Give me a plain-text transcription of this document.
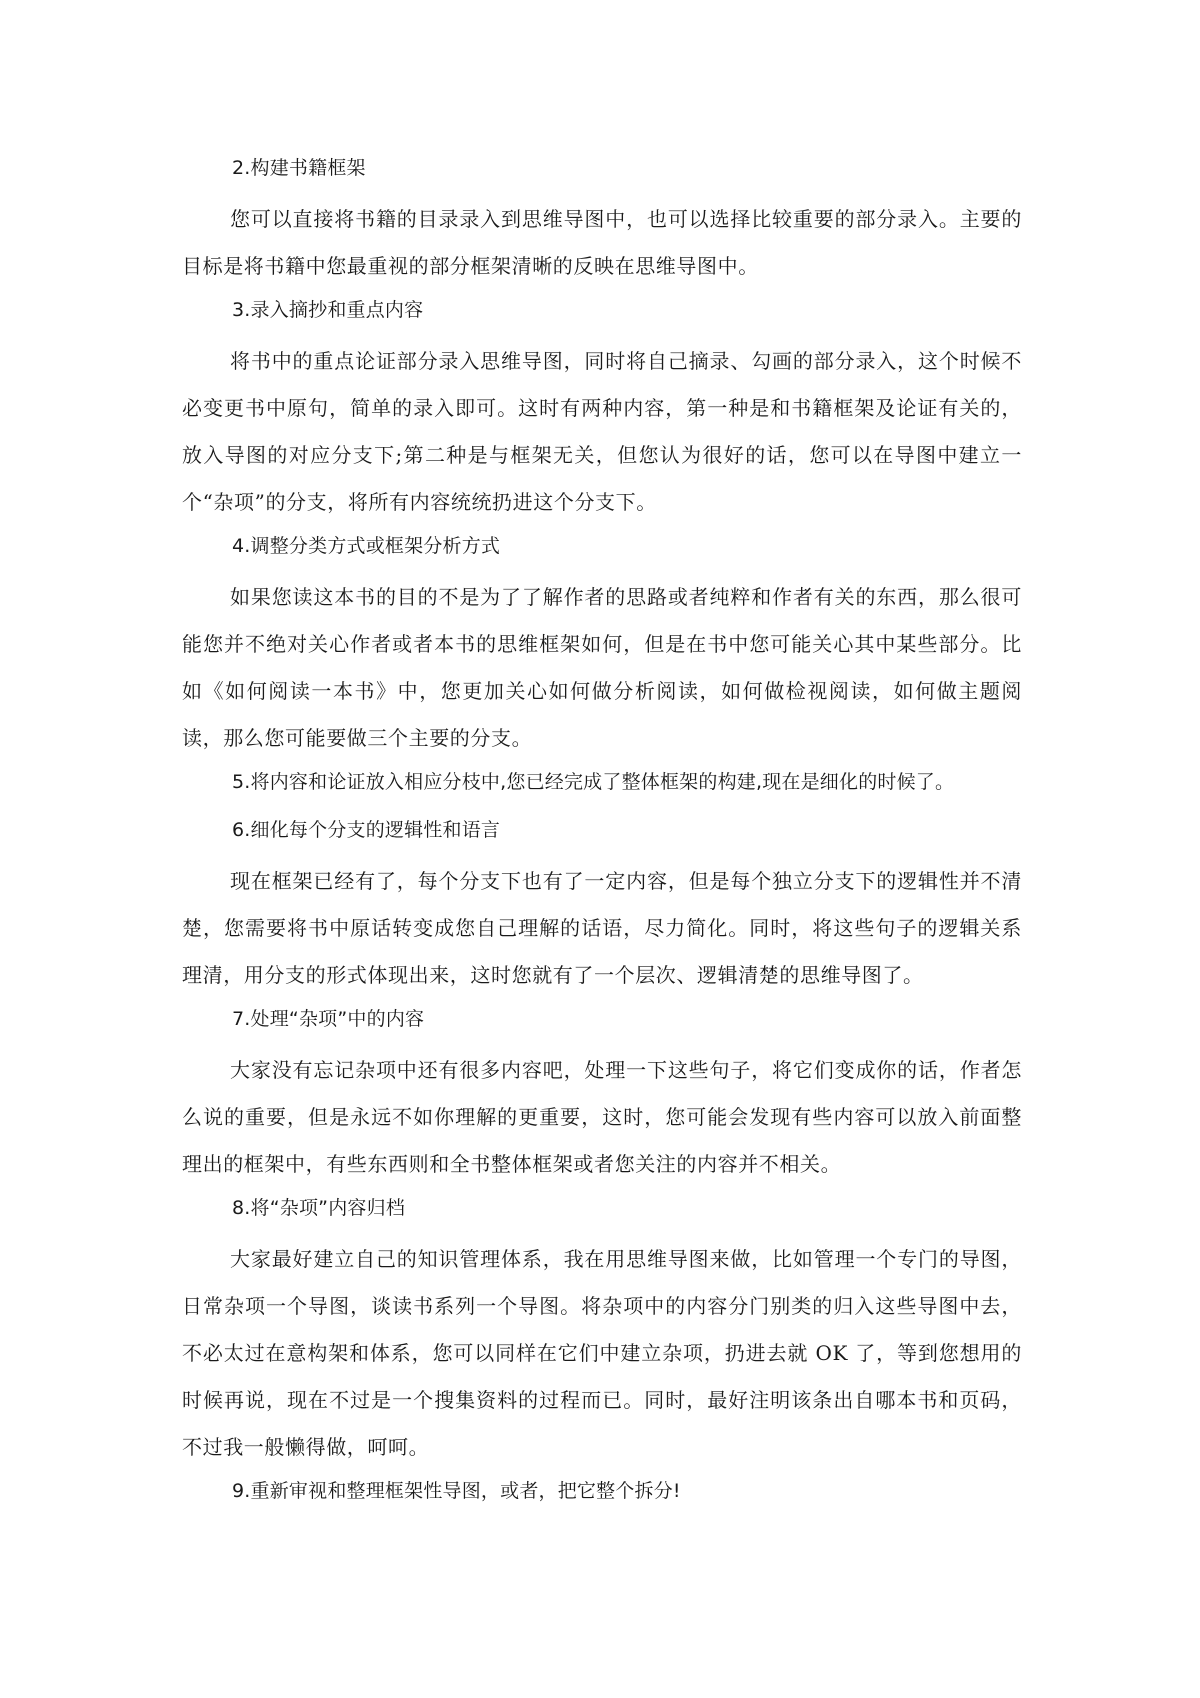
2.构建书籍框架

您可以直接将书籍的目录录入到思维导图中，也可以选择比较重要的部分录入。主要的目标是将书籍中您最重视的部分框架清晰的反映在思维导图中。

3.录入摘抄和重点内容

将书中的重点论证部分录入思维导图，同时将自己摘录、勾画的部分录入，这个时候不必变更书中原句，简单的录入即可。这时有两种内容，第一种是和书籍框架及论证有关的，放入导图的对应分支下;第二种是与框架无关，但您认为很好的话，您可以在导图中建立一个“杂项”的分支，将所有内容统统扔进这个分支下。

4.调整分类方式或框架分析方式

如果您读这本书的目的不是为了了解作者的思路或者纯粹和作者有关的东西，那么很可能您并不绝对关心作者或者本书的思维框架如何，但是在书中您可能关心其中某些部分。比如《如何阅读一本书》中，您更加关心如何做分析阅读，如何做检视阅读，如何做主题阅读，那么您可能要做三个主要的分支。

5.将内容和论证放入相应分枝中,您已经完成了整体框架的构建,现在是细化的时候了。
6.细化每个分支的逻辑性和语言

现在框架已经有了，每个分支下也有了一定内容，但是每个独立分支下的逻辑性并不清楚，您需要将书中原话转变成您自己理解的话语，尽力简化。同时，将这些句子的逻辑关系理清，用分支的形式体现出来，这时您就有了一个层次、逻辑清楚的思维导图了。

7.处理“杂项”中的内容

大家没有忘记杂项中还有很多内容吧，处理一下这些句子，将它们变成你的话，作者怎么说的重要，但是永远不如你理解的更重要，这时，您可能会发现有些内容可以放入前面整理出的框架中，有些东西则和全书整体框架或者您关注的内容并不相关。

8.将“杂项”内容归档

大家最好建立自己的知识管理体系，我在用思维导图来做，比如管理一个专门的导图，日常杂项一个导图，谈读书系列一个导图。将杂项中的内容分门别类的归入这些导图中去，不必太过在意构架和体系，您可以同样在它们中建立杂项，扔进去就 OK 了，等到您想用的时候再说，现在不过是一个搜集资料的过程而已。同时，最好注明该条出自哪本书和页码，不过我一般懒得做，呵呵。

9.重新审视和整理框架性导图，或者，把它整个拆分!
